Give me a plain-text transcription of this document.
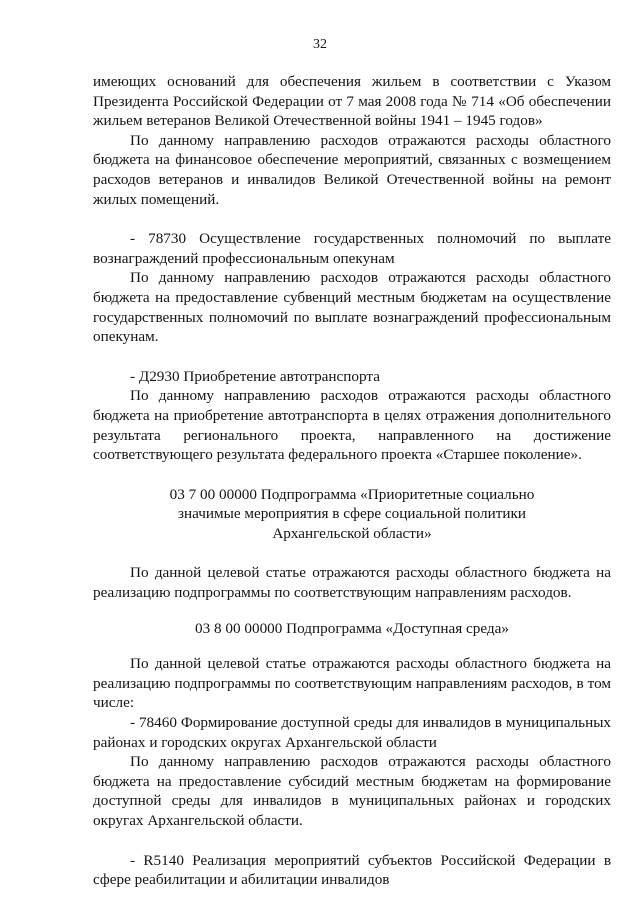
32

имеющих оснований для обеспечения жильем в соответствии с Указом Президента Российской Федерации от 7 мая 2008 года № 714 «Об обеспечении жильем ветеранов Великой Отечественной войны 1941 – 1945 годов»

По данному направлению расходов отражаются расходы областного бюджета на финансовое обеспечение мероприятий, связанных с возмещением расходов ветеранов и инвалидов Великой Отечественной войны на ремонт жилых помещений.

- 78730 Осуществление государственных полномочий по выплате вознаграждений профессиональным опекунам

По данному направлению расходов отражаются расходы областного бюджета на предоставление субвенций местным бюджетам на осуществление государственных полномочий по выплате вознаграждений профессиональным опекунам.

- Д2930 Приобретение автотранспорта

По данному направлению расходов отражаются расходы областного бюджета на приобретение автотранспорта в целях отражения дополнительного результата регионального проекта, направленного на достижение соответствующего результата федерального проекта «Старшее поколение».

03 7 00 00000 Подпрограмма «Приоритетные социально значимые мероприятия в сфере социальной политики Архангельской области»

По данной целевой статье отражаются расходы областного бюджета на реализацию подпрограммы по соответствующим направлениям расходов.

03 8 00 00000 Подпрограмма «Доступная среда»

По данной целевой статье отражаются расходы областного бюджета на реализацию подпрограммы по соответствующим направлениям расходов, в том числе:

- 78460 Формирование доступной среды для инвалидов в муниципальных районах и городских округах Архангельской области

По данному направлению расходов отражаются расходы областного бюджета на предоставление субсидий местным бюджетам на формирование доступной среды для инвалидов в муниципальных районах и городских округах Архангельской области.

- R5140 Реализация мероприятий субъектов Российской Федерации в сфере реабилитации и абилитации инвалидов
